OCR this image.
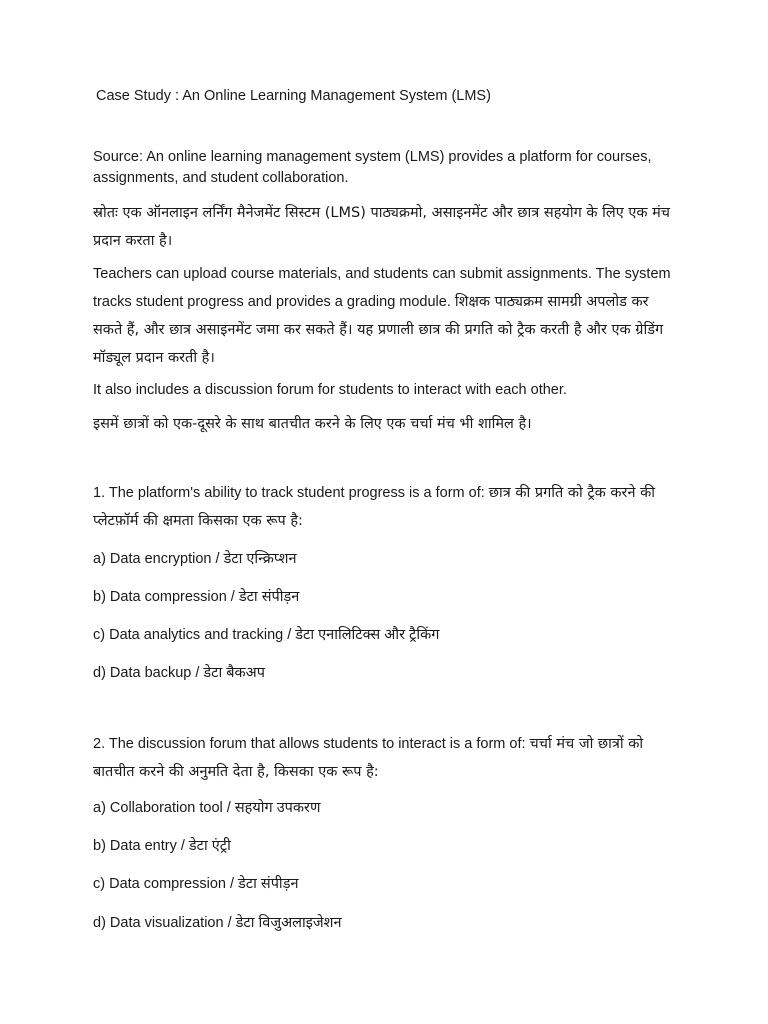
Case Study : An Online Learning Management System (LMS)
Source: An online learning management system (LMS) provides a platform for courses, assignments, and student collaboration.
स्रोतः एक ऑनलाइन लर्निंग मैनेजमेंट सिस्टम (LMS) पाठ्यक्रमो, असाइनमेंट और छात्र सहयोग के लिए एक मंच प्रदान करता है।
Teachers can upload course materials, and students can submit assignments. The system tracks student progress and provides a grading module. शिक्षक पाठ्यक्रम सामग्री अपलोड कर सकते हैं, और छात्र असाइनमेंट जमा कर सकते हैं। यह प्रणाली छात्र की प्रगति को ट्रैक करती है और एक ग्रेडिंग मॉड्यूल प्रदान करती है।
It also includes a discussion forum for students to interact with each other.
इसमें छात्रों को एक-दूसरे के साथ बातचीत करने के लिए एक चर्चा मंच भी शामिल है।
1. The platform's ability to track student progress is a form of: छात्र की प्रगति को ट्रैक करने की प्लेटफ़ॉर्म की क्षमता किसका एक रूप है:
a) Data encryption / डेटा एन्क्रिप्शन
b) Data compression / डेटा संपीड़न
c) Data analytics and tracking / डेटा एनालिटिक्स और ट्रैकिंग
d) Data backup / डेटा बैकअप
2. The discussion forum that allows students to interact is a form of: चर्चा मंच जो छात्रों को बातचीत करने की अनुमति देता है, किसका एक रूप है:
a) Collaboration tool / सहयोग उपकरण
b) Data entry / डेटा एंट्री
c) Data compression / डेटा संपीड़न
d) Data visualization / डेटा विजुअलाइजेशन
